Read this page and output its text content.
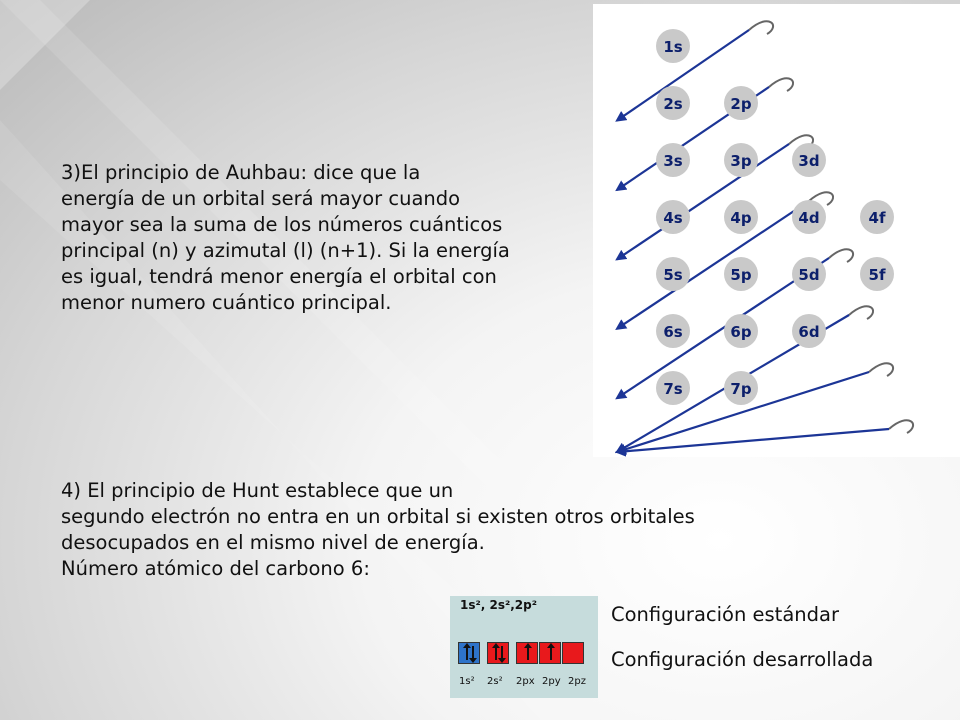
3)El principio de Auhbau: dice que la
energía de un orbital será mayor cuando
mayor sea la suma de los números cuánticos
principal (n) y azimutal (l) (n+1). Si la energía
es igual, tendrá menor energía el orbital con
menor numero cuántico principal.
1s
2s	2p
3s	3p	3d
4s	4p	4d	4f
5s	5p	5d	5f
6s	6p	6d
7s	7p
4) El principio de Hunt establece que un
segundo electrón no entra en un orbital si existen otros orbitales
desocupados en el mismo nivel de energía.
Número atómico del carbono 6:
1s², 2s²,2p²
1s² 2s² 2px 2py 2pz
Configuración estándar
Configuración desarrollada
